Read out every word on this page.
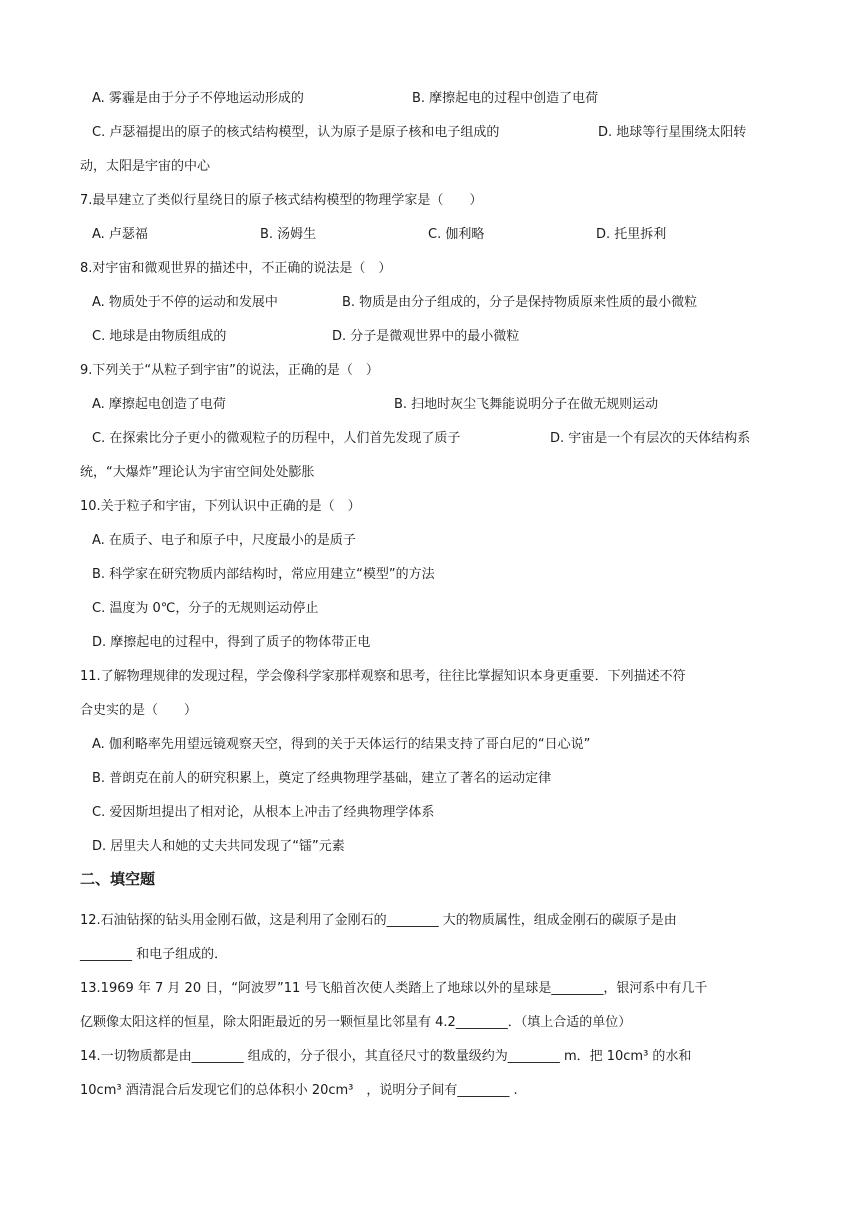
A. 雾霾是由于分子不停地运动形成的	B. 摩擦起电的过程中创造了电荷
C. 卢瑟福提出的原子的核式结构模型，认为原子是原子核和电子组成的	D. 地球等行星围绕太阳转
动，太阳是宇宙的中心
7.最早建立了类似行星绕日的原子核式结构模型的物理学家是（　　）
A. 卢瑟福	B. 汤姆生	C. 伽利略	D. 托里拆利
8.对宇宙和微观世界的描述中，不正确的说法是（　）
A. 物质处于不停的运动和发展中	B. 物质是由分子组成的，分子是保持物质原来性质的最小微粒
C. 地球是由物质组成的	D. 分子是微观世界中的最小微粒
9.下列关于“从粒子到宇宙”的说法，正确的是（　）
A. 摩擦起电创造了电荷	B. 扫地时灰尘飞舞能说明分子在做无规则运动
C. 在探索比分子更小的微观粒子的历程中，人们首先发现了质子	D. 宇宙是一个有层次的天体结构系
统，“大爆炸”理论认为宇宙空间处处膨胀
10.关于粒子和宇宙，下列认识中正确的是（　）
A. 在质子、电子和原子中，尺度最小的是质子
B. 科学家在研究物质内部结构时，常应用建立“模型”的方法
C. 温度为 0℃，分子的无规则运动停止
D. 摩擦起电的过程中，得到了质子的物体带正电
11.了解物理规律的发现过程，学会像科学家那样观察和思考，往往比掌握知识本身更重要．下列描述不符
合史实的是（　　）
A. 伽利略率先用望远镜观察天空，得到的关于天体运行的结果支持了哥白尼的“日心说”
B. 普朗克在前人的研究积累上，奠定了经典物理学基础，建立了著名的运动定律
C. 爱因斯坦提出了相对论，从根本上冲击了经典物理学体系
D. 居里夫人和她的丈夫共同发现了“镭”元素
二、填空题
12.石油钻探的钻头用金刚石做，这是利用了金刚石的________ 大的物质属性，组成金刚石的碳原子是由
________ 和电子组成的．
13.1969 年 7 月 20 日，“阿波罗”11 号飞船首次使人类踏上了地球以外的星球是________，银河系中有几千
亿颗像太阳这样的恒星，除太阳距最近的另一颗恒星比邻星有 4.2________．（填上合适的单位）
14.一切物质都是由________ 组成的，分子很小，其直径尺寸的数量级约为________ m．把 10cm³ 的水和
10cm³ 酒清混合后发现它们的总体积小 20cm³　，说明分子间有________ .
